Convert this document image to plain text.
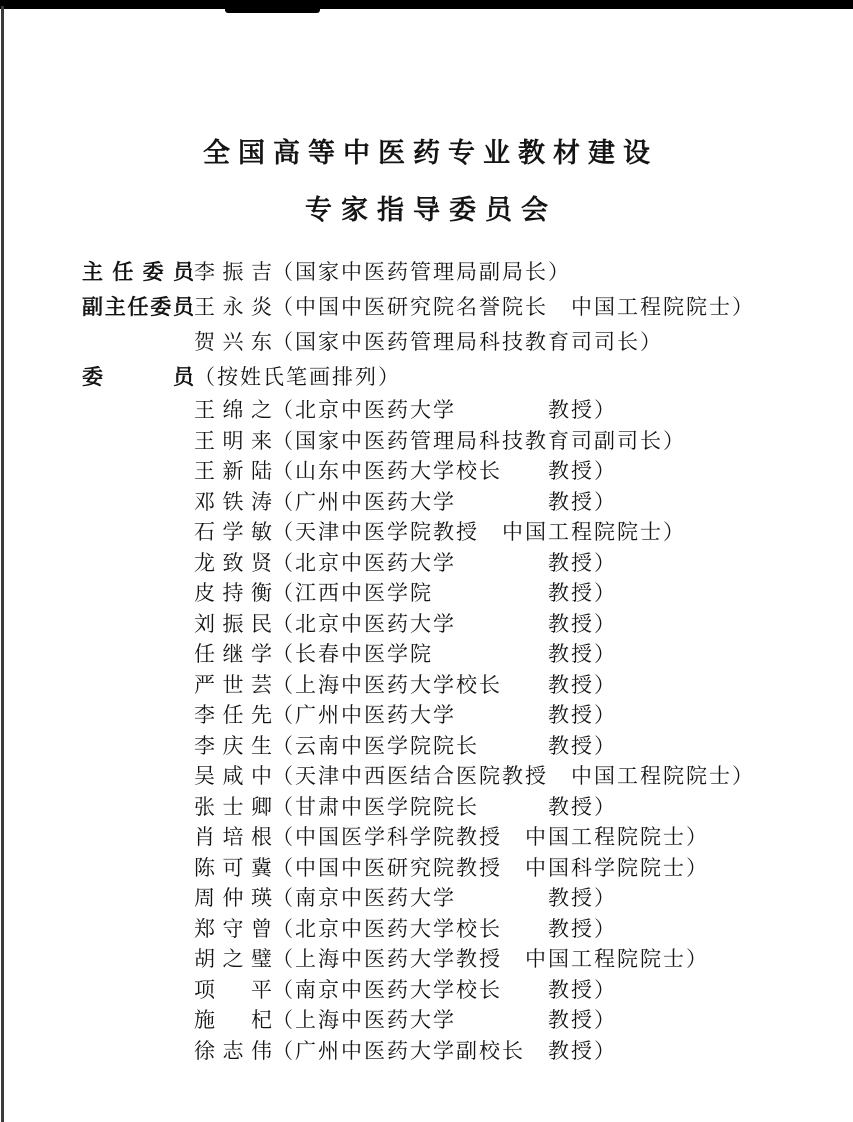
全国高等中医药专业教材建设
专家指导委员会
主任委员 李振吉 （国家中医药管理局副局长）
副主任委员 王永炎 （中国中医研究院名誉院长　中国工程院院士）
贺兴东 （国家中医药管理局科技教育司司长）
委员 （按姓氏笔画排列）
王绵之 （北京中医药大学　　　　教授）
王明来 （国家中医药管理局科技教育司副司长）
王新陆 （山东中医药大学校长　　教授）
邓铁涛 （广州中医药大学　　　　教授）
石学敏 （天津中医学院教授　中国工程院院士）
龙致贤 （北京中医药大学　　　　教授）
皮持衡 （江西中医学院　　　　　教授）
刘振民 （北京中医药大学　　　　教授）
任继学 （长春中医学院　　　　　教授）
严世芸 （上海中医药大学校长　　教授）
李任先 （广州中医药大学　　　　教授）
李庆生 （云南中医学院院长　　　教授）
吴咸中 （天津中西医结合医院教授　中国工程院院士）
张士卿 （甘肃中医学院院长　　　教授）
肖培根 （中国医学科学院教授　中国工程院院士）
陈可冀 （中国中医研究院教授　中国科学院院士）
周仲瑛 （南京中医药大学　　　　教授）
郑守曾 （北京中医药大学校长　　教授）
胡之璧 （上海中医药大学教授　中国工程院院士）
项平 （南京中医药大学校长　　教授）
施杞 （上海中医药大学　　　　教授）
徐志伟 （广州中医药大学副校长　教授）
